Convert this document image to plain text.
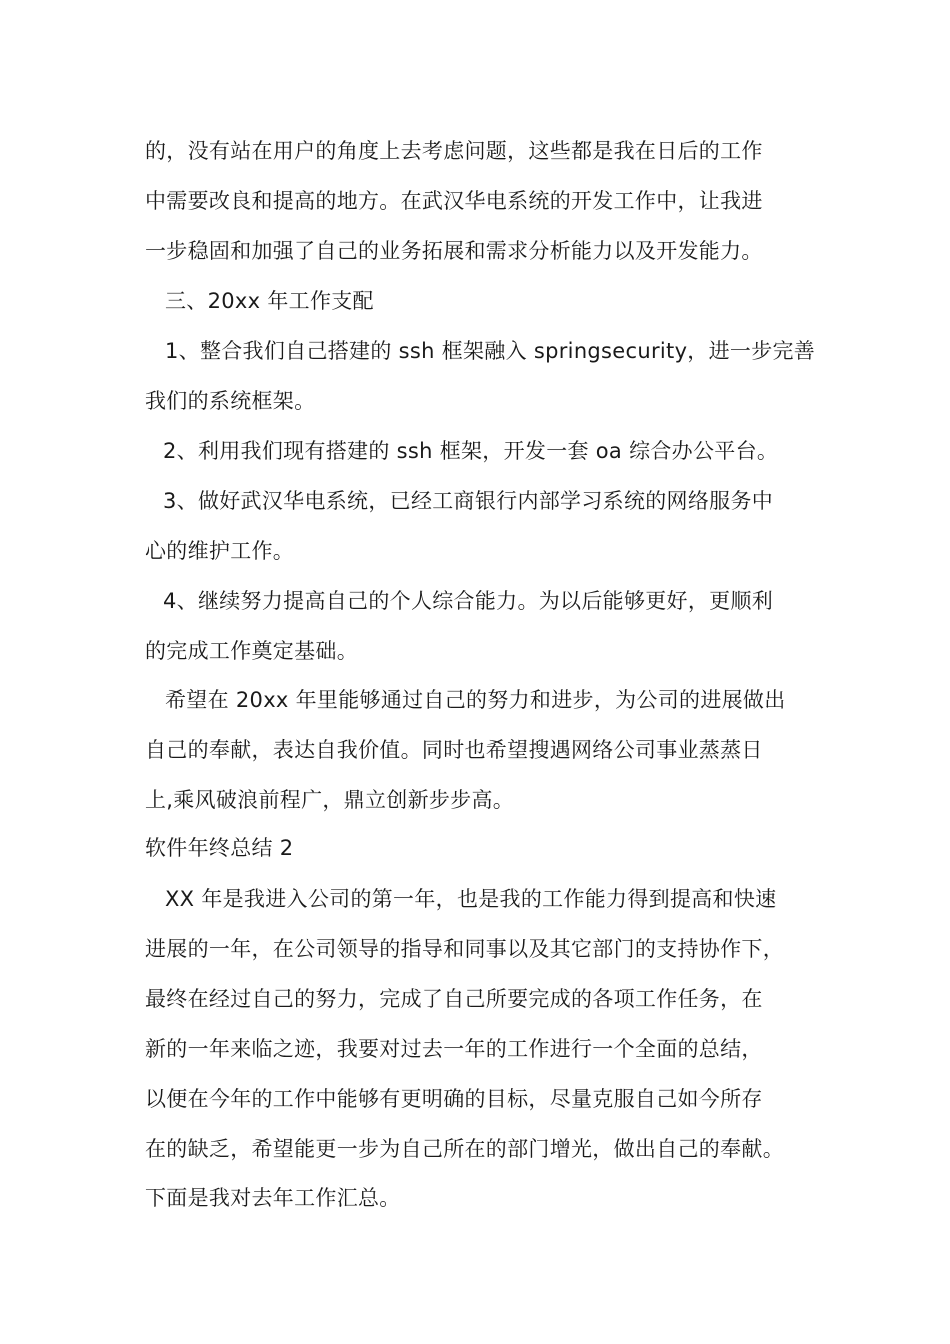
的，没有站在用户的角度上去考虑问题，这些都是我在日后的工作
中需要改良和提高的地方。在武汉华电系统的开发工作中，让我进
一步稳固和加强了自己的业务拓展和需求分析能力以及开发能力。
三、20xx 年工作支配
1、整合我们自己搭建的 ssh 框架融入 springsecurity，进一步完善
我们的系统框架。
2、利用我们现有搭建的 ssh 框架，开发一套 oa 综合办公平台。
3、做好武汉华电系统，已经工商银行内部学习系统的网络服务中
心的维护工作。
4、继续努力提高自己的个人综合能力。为以后能够更好，更顺利
的完成工作奠定基础。
希望在 20xx 年里能够通过自己的努力和进步，为公司的进展做出
自己的奉献，表达自我价值。同时也希望搜遇网络公司事业蒸蒸日
上,乘风破浪前程广，鼎立创新步步高。
软件年终总结 2
XX 年是我进入公司的第一年，也是我的工作能力得到提高和快速
进展的一年，在公司领导的指导和同事以及其它部门的支持协作下，
最终在经过自己的努力，完成了自己所要完成的各项工作任务，在
新的一年来临之迹，我要对过去一年的工作进行一个全面的总结，
以便在今年的工作中能够有更明确的目标，尽量克服自己如今所存
在的缺乏，希望能更一步为自己所在的部门增光，做出自己的奉献。
下面是我对去年工作汇总。
